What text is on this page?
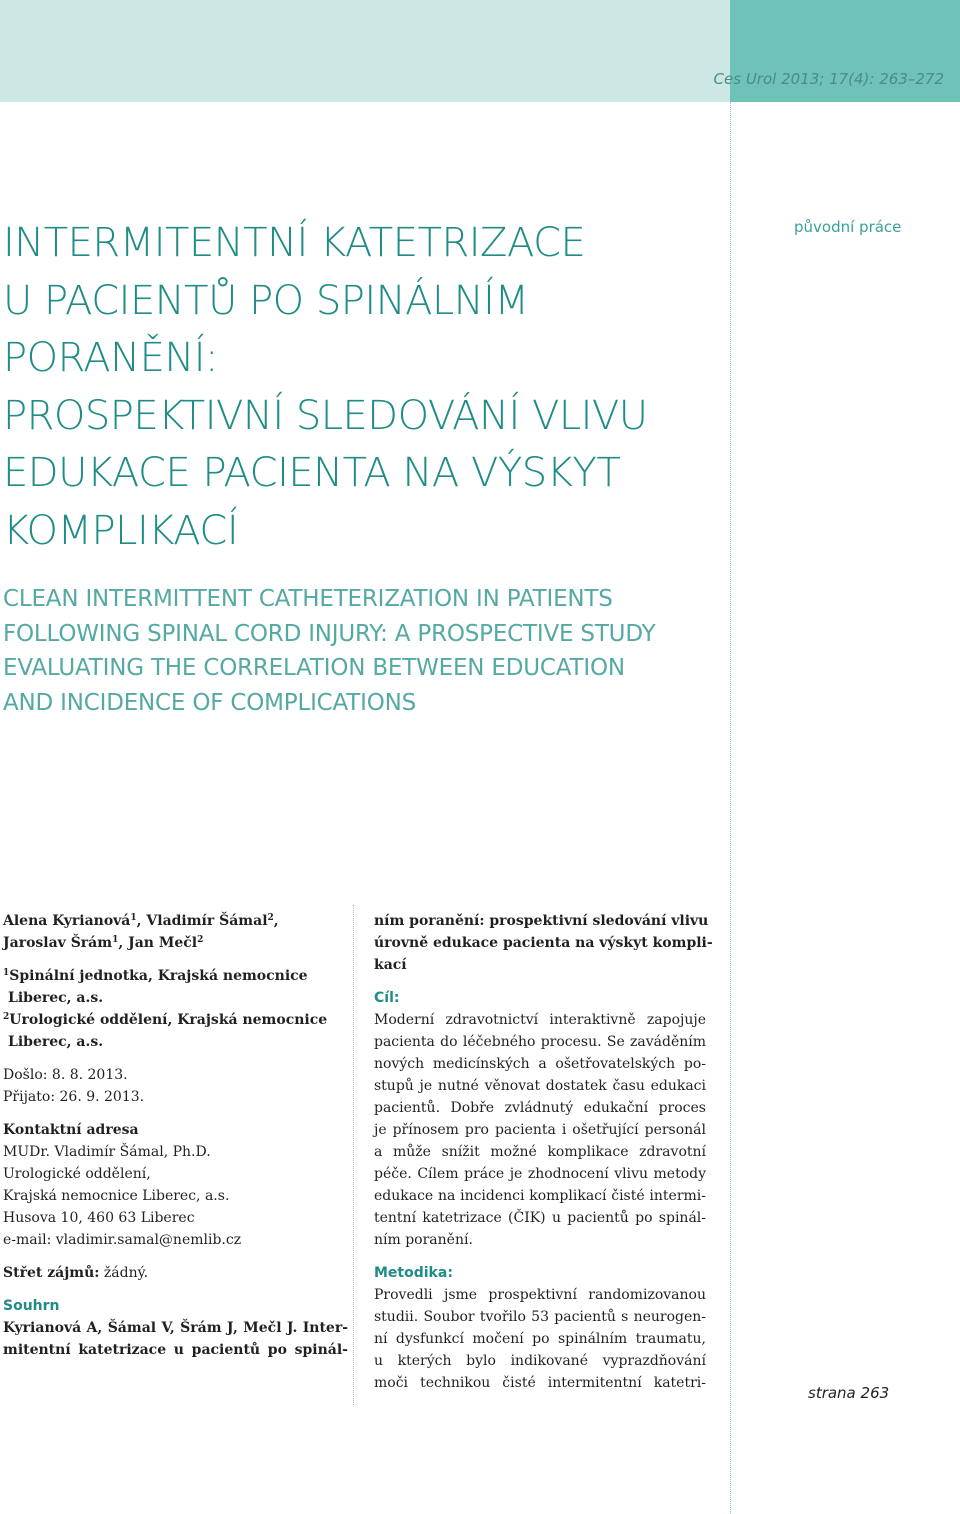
Ces Urol 2013; 17(4): 263–272
původní práce
INTERMITENTNÍ KATETRIZACE
U PACIENTŮ PO SPINÁLNÍM
PORANĚNÍ:
PROSPEKTIVNÍ SLEDOVÁNÍ VLIVU
EDUKACE PACIENTA NA VÝSKYT
KOMPLIKACÍ
CLEAN INTERMITTENT CATHETERIZATION IN PATIENTS
FOLLOWING SPINAL CORD INJURY: A PROSPECTIVE STUDY
EVALUATING THE CORRELATION BETWEEN EDUCATION
AND INCIDENCE OF COMPLICATIONS
Alena Kyrianová$^1$, Vladimír Šámal$^2$,
Jaroslav Šrám$^1$, Jan Mečl$^2$
$^1$Spinální jednotka, Krajská nemocnice
Liberec, a.s.
$^2$Urologické oddělení, Krajská nemocnice
Liberec, a.s.
Došlo: 8. 8. 2013.
Přijato: 26. 9. 2013.
Kontaktní adresa
MUDr. Vladimír Šámal, Ph.D.
Urologické oddělení,
Krajská nemocnice Liberec, a.s.
Husova 10, 460 63 Liberec
e-mail: vladimir.samal@nemlib.cz
Střet zájmů: žádný.
Souhrn
Kyrianová A, Šámal V, Šrám J, Mečl J. Inter-
mitentní katetrizace u pacientů po spinál-
ním poranění: prospektivní sledování vlivu
úrovně edukace pacienta na výskyt kompli-
kací
Cíl:
Moderní zdravotnictví interaktivně zapojuje
pacienta do léčebného procesu. Se zaváděním
nových medicínských a ošetřovatelských po-
stupů je nutné věnovat dostatek času edukaci
pacientů. Dobře zvládnutý edukační proces
je přínosem pro pacienta i ošetřující personál
a může snížit možné komplikace zdravotní
péče. Cílem práce je zhodnocení vlivu metody
edukace na incidenci komplikací čisté intermi-
tentní katetrizace (ČIK) u pacientů po spinál-
ním poranění.
Metodika:
Provedli jsme prospektivní randomizovanou
studii. Soubor tvořilo 53 pacientů s neurogen-
ní dysfunkcí močení po spinálním traumatu,
u kterých bylo indikované vyprazdňování
moči technikou čisté intermitentní katetri-
strana 263
